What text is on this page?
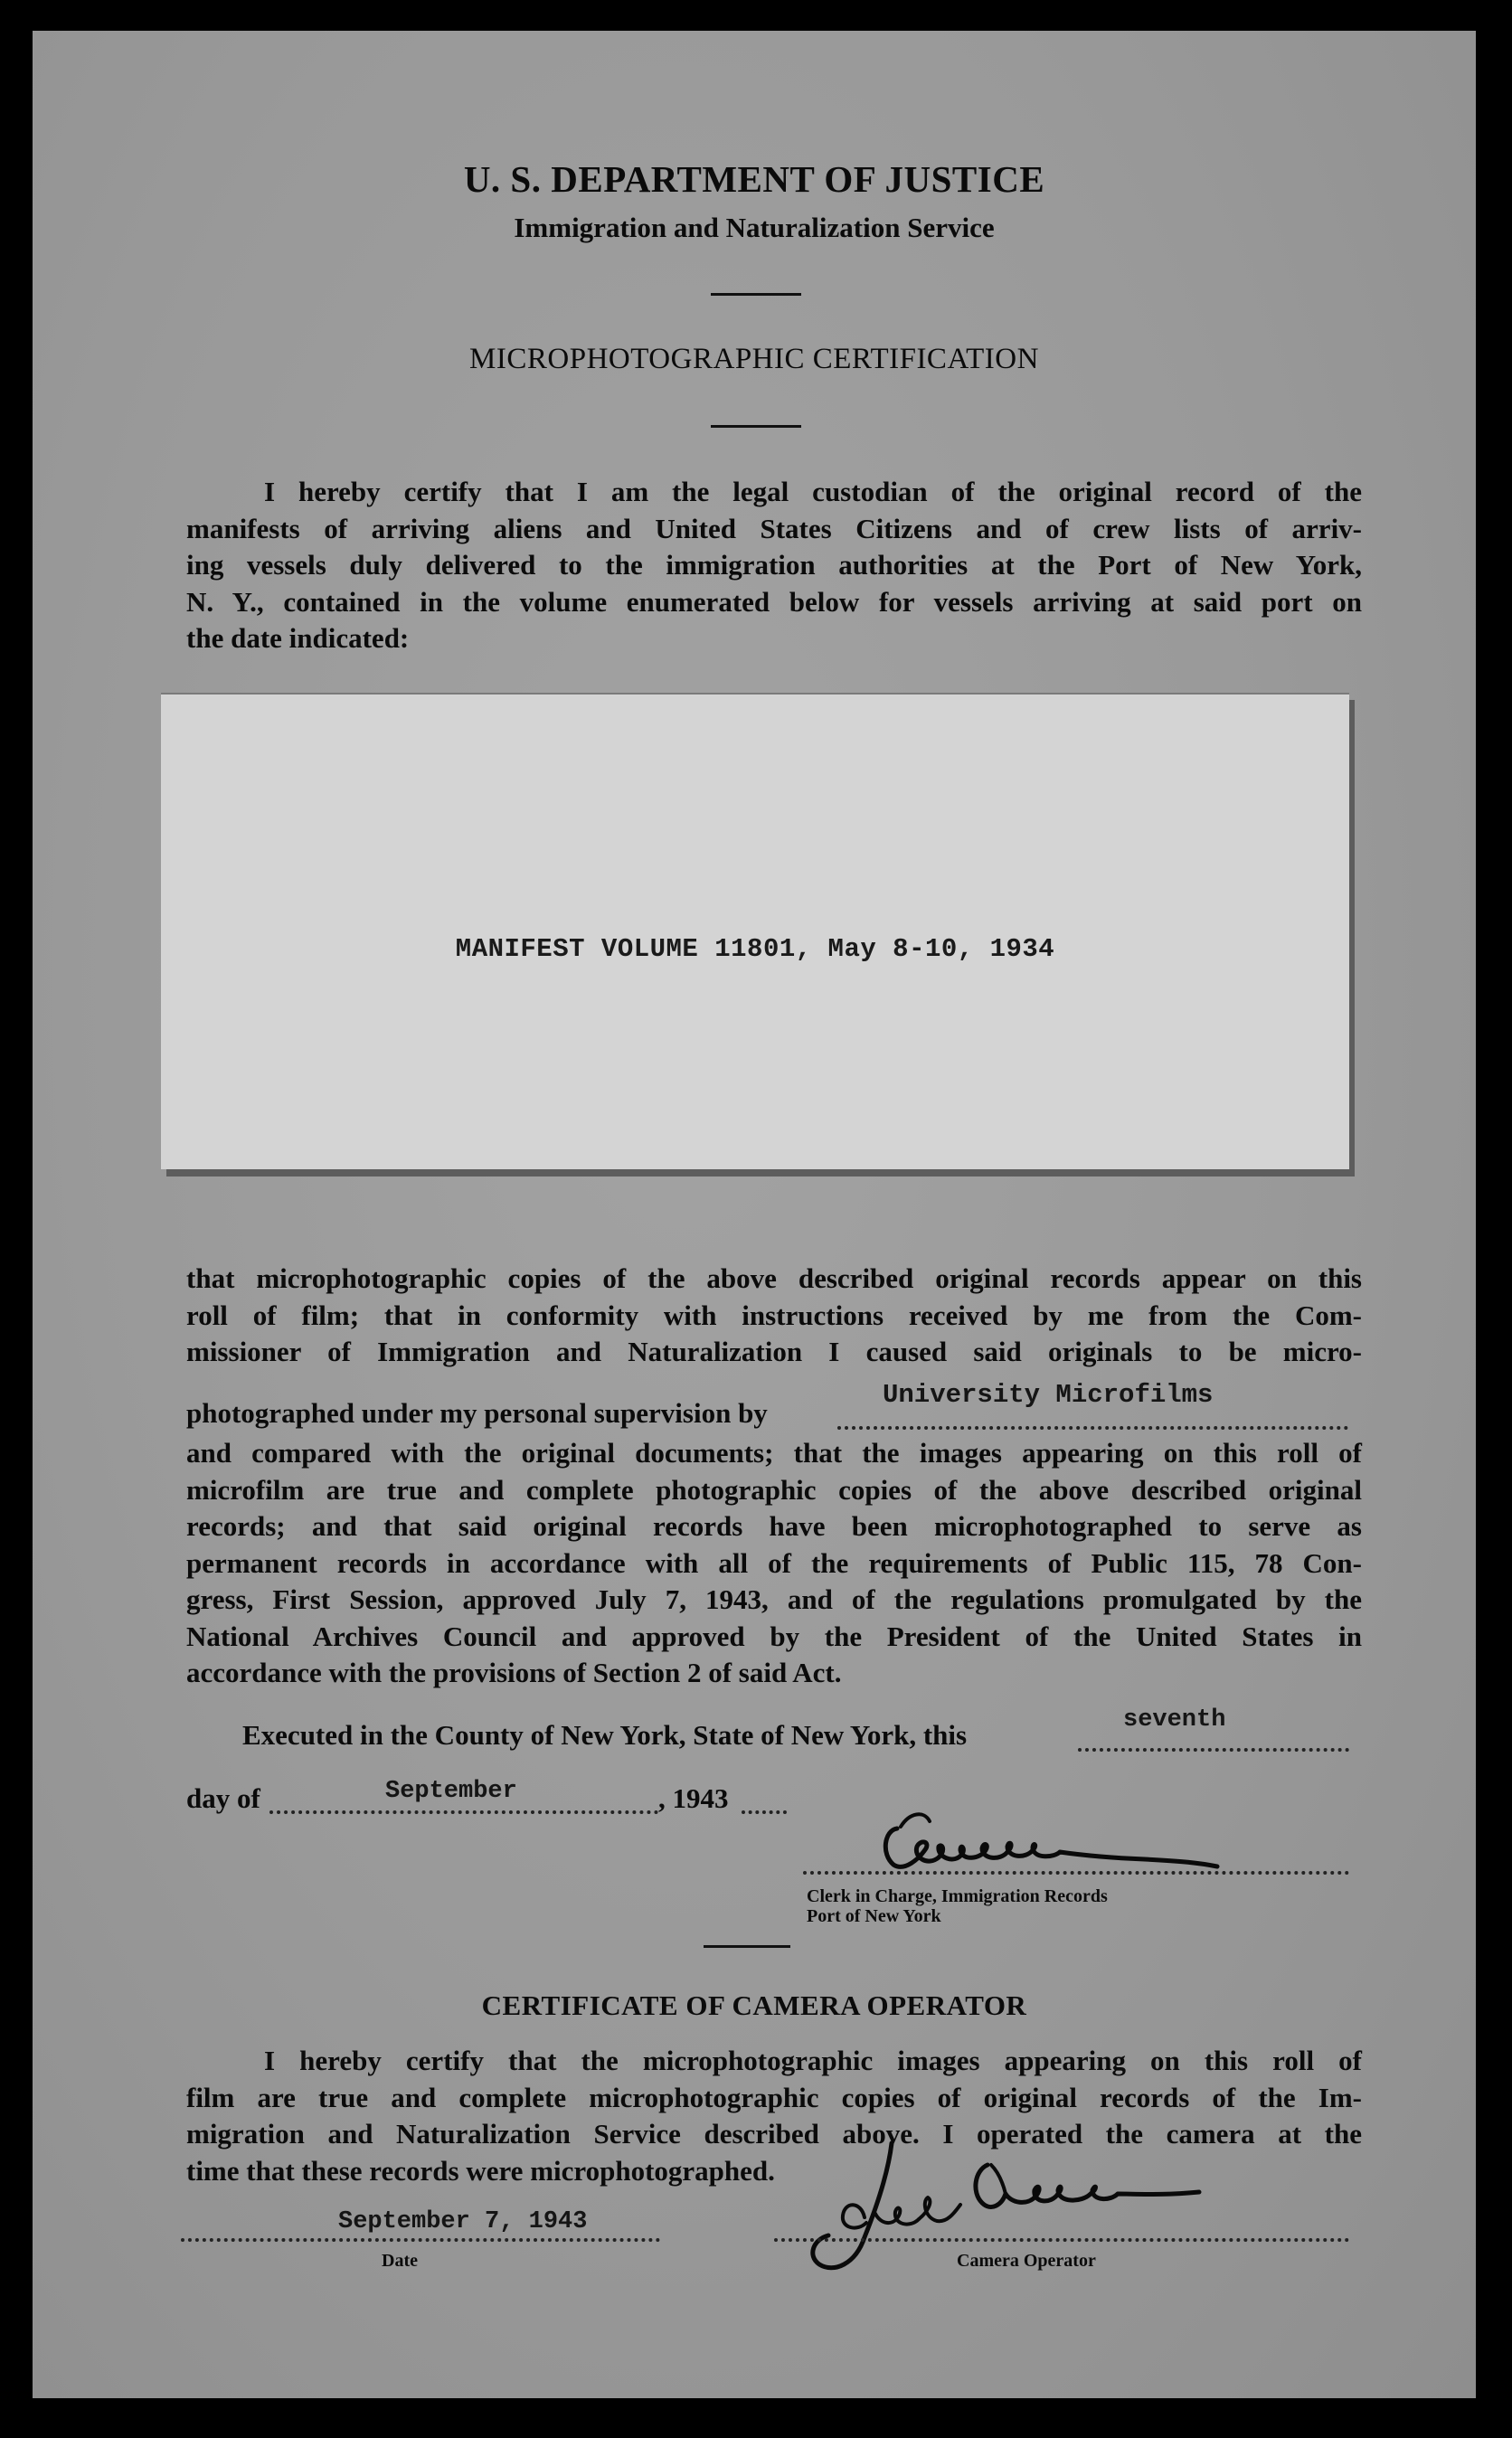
U. S. DEPARTMENT OF JUSTICE
Immigration and Naturalization Service
MICROPHOTOGRAPHIC CERTIFICATION
I hereby certify that I am the legal custodian of the original record of the
manifests of arriving aliens and United States Citizens and of crew lists of arriv-
ing vessels duly delivered to the immigration authorities at the Port of New York,
N. Y., contained in the volume enumerated below for vessels arriving at said port on
the date indicated:
MANIFEST VOLUME 11801, May 8-10, 1934
that microphotographic copies of the above described original records appear on this
roll of film; that in conformity with instructions received by me from the Com-
missioner of Immigration and Naturalization I caused said originals to be micro-
photographed under my personal supervision by
University Microfilms
and compared with the original documents; that the images appearing on this roll of
microfilm are true and complete photographic copies of the above described original
records; and that said original records have been microphotographed to serve as
permanent records in accordance with all of the requirements of Public 115, 78 Con-
gress, First Session, approved July 7, 1943, and of the regulations promulgated by the
National Archives Council and approved by the President of the United States in
accordance with the provisions of Section 2 of said Act.
Executed in the County of New York, State of New York, this	seventh
day of	September	, 1943
Clerk in Charge, Immigration Records
Port of New York
CERTIFICATE OF CAMERA OPERATOR
I hereby certify that the microphotographic images appearing on this roll of
film are true and complete microphotographic copies of original records of the Im-
migration and Naturalization Service described above. I operated the camera at the
time that these records were microphotographed.
September 7, 1943
Date	Camera Operator
